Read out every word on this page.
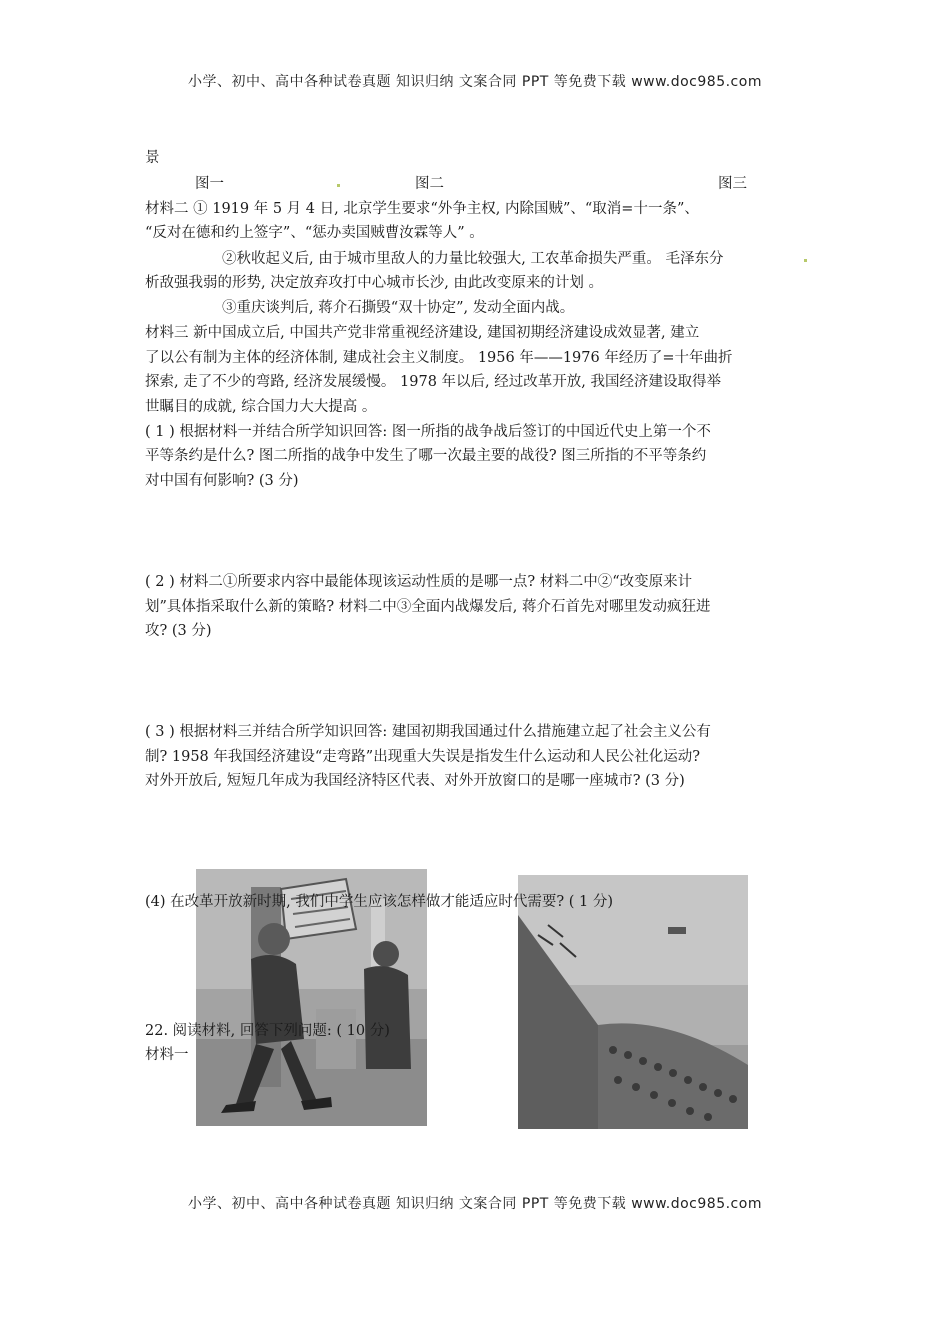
小学、初中、高中各种试卷真题 知识归纳 文案合同 PPT 等免费下载 www.doc985.com
景
图一	图二	图三
材料二 ① 1919 年 5 月 4 日, 北京学生要求“外争主权, 内除国贼”、“取消=十一条”、
“反对在德和约上签字”、“惩办卖国贼曹汝霖等人” 。
②秋收起义后, 由于城市里敌人的力量比较强大, 工农革命损失严重。 毛泽东分
析敌强我弱的形势, 决定放弃攻打中心城市长沙, 由此改变原来的计划 。
③重庆谈判后, 蒋介石撕毁“双十协定”, 发动全面内战。
材料三 新中国成立后, 中国共产党非常重视经济建设, 建国初期经济建设成效显著, 建立
了以公有制为主体的经济体制, 建成社会主义制度。 1956 年——1976 年经历了=十年曲折
探索, 走了不少的弯路, 经济发展缓慢。 1978 年以后, 经过改革开放, 我国经济建设取得举
世瞩目的成就, 综合国力大大提高 。
( 1 ) 根据材料一并结合所学知识回答: 图一所指的战争战后签订的中国近代史上第一个不
平等条约是什么? 图二所指的战争中发生了哪一次最主要的战役? 图三所指的不平等条约
对中国有何影响? (3 分)
( 2 ) 材料二①所要求内容中最能体现该运动性质的是哪一点? 材料二中②“改变原来计
划”具体指采取什么新的策略? 材料二中③全面内战爆发后, 蒋介石首先对哪里发动疯狂进
攻? (3 分)
( 3 ) 根据材料三并结合所学知识回答: 建国初期我国通过什么措施建立起了社会主义公有
制? 1958 年我国经济建设“走弯路”出现重大失误是指发生什么运动和人民公社化运动?
对外开放后, 短短几年成为我国经济特区代表、对外开放窗口的是哪一座城市? (3 分)
(4) 在改革开放新时期, 我们中学生应该怎样做才能适应时代需要? ( 1 分)
22. 阅读材料, 回答下列问题: ( 10 分)
材料一
小学、初中、高中各种试卷真题 知识归纳 文案合同 PPT 等免费下载 www.doc985.com
